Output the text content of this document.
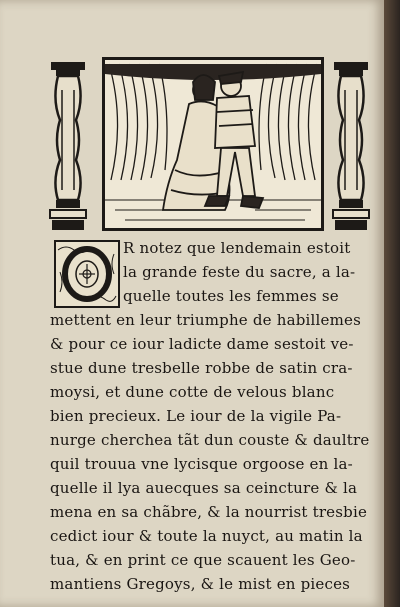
R notez que lendemain estoit
la grande feste du sacre, a la-
quelle toutes les femmes se
mettent en leur triumphe de habillemes
& pour ce iour ladicte dame sestoit ve-
stue dune tresbelle robbe de satin cra-
moysi, et dune cotte de velous blanc
bien precieux. Le iour de la vigile Pa-
nurge cherchea tãt dun couste & daultre
quil trouua vne lycisque orgoose en la-
quelle il lya auecques sa ceincture & la
mena en sa chãbre, & la nourrist tresbie
cedict iour & toute la nuyct, au matin la
tua, & en print ce que scauent les Geo-
mantiens Gregoys, & le mist en pieces
